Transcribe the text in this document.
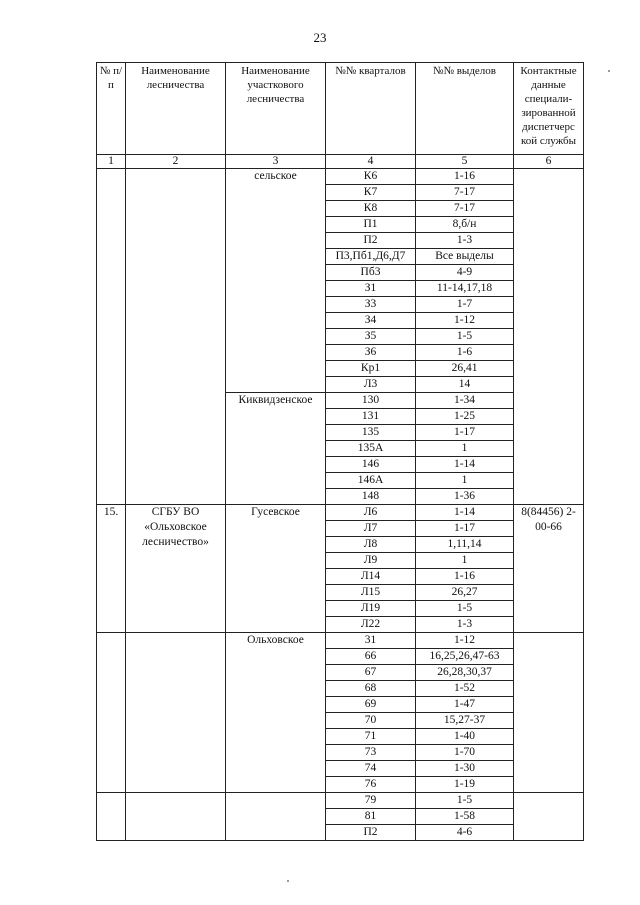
23
№ п/п	Наименование лесничества	Наименование участкового лесничества	№№ кварталов	№№ выделов	Контактные данные специали-зированной диспетчерс кой службы
1	2	3	4	5	6
		сельское	К6	1-16	
			К7	7-17	
			К8	7-17	
			П1	8,б/н	
			П2	1-3	
			П3,Пб1,Д6,Д7	Все выделы	
			Пб3	4-9	
			З1	11-14,17,18	
			З3	1-7	
			З4	1-12	
			З5	1-5	
			З6	1-6	
			Кр1	26,41	
			Л3	14	
		Киквидзенское	130	1-34	
			131	1-25	
			135	1-17	
			135А	1	
			146	1-14	
			146А	1	
			148	1-36	
15.	СГБУ ВО «Ольховское лесничество»	Гусевское	Л6	1-14	8(84456) 2-00-66
			Л7	1-17	
			Л8	1,11,14	
			Л9	1	
			Л14	1-16	
			Л15	26,27	
			Л19	1-5	
			Л22	1-3	
		Ольховское	31	1-12	
			66	16,25,26,47-63	
			67	26,28,30,37	
			68	1-52	
			69	1-47	
			70	15,27-37	
			71	1-40	
			73	1-70	
			74	1-30	
			76	1-19	
			79	1-5	
			81	1-58	
			П2	4-6	
